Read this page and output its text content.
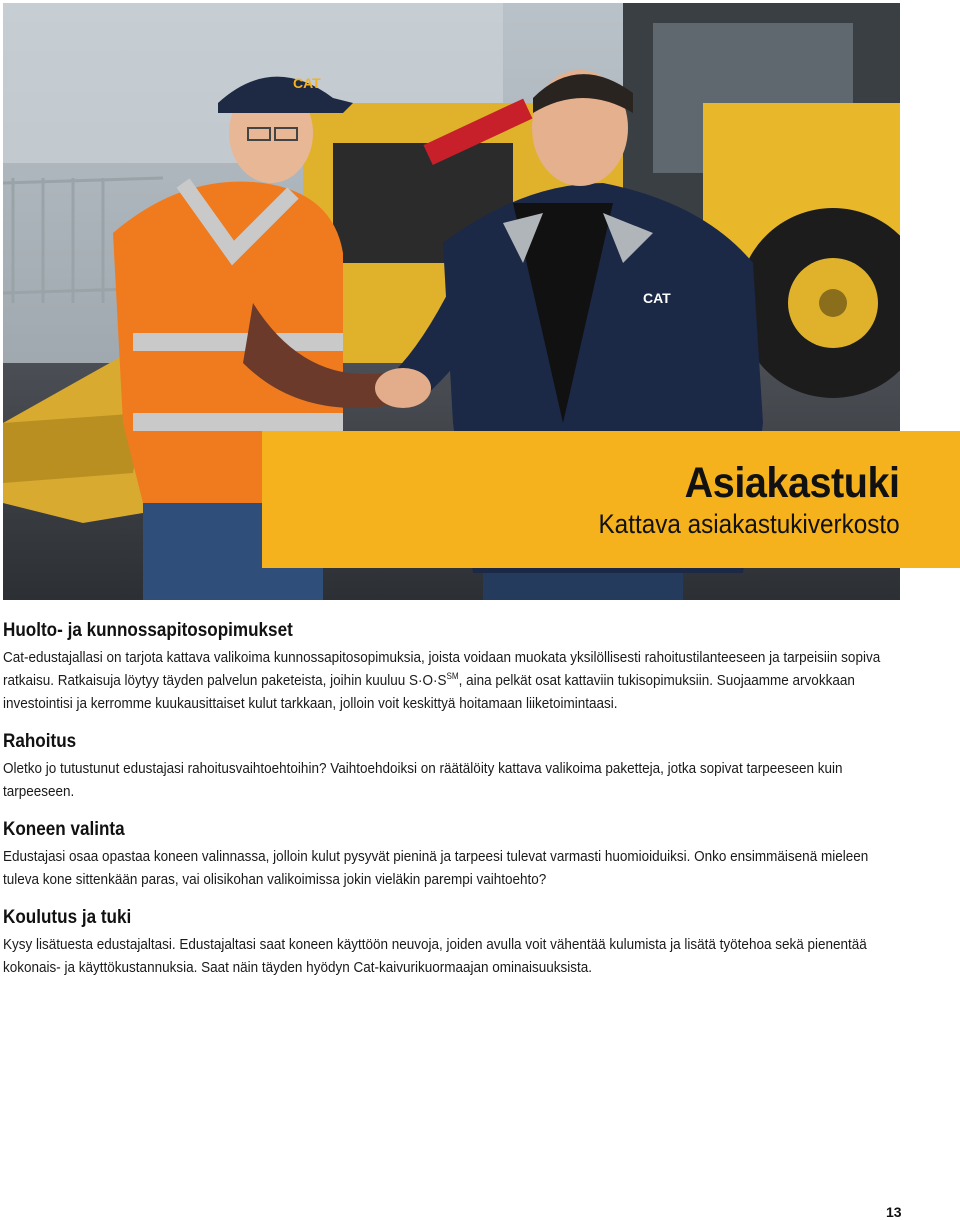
CAT
CAT
Asiakastuki
Kattava asiakastukiverkosto
Huolto- ja kunnossapitosopimukset

Cat-edustajallasi on tarjota kattava valikoima kunnossapitosopimuksia, joista voidaan muokata yksilöllisesti rahoitustilanteeseen ja tarpeisiin sopiva ratkaisu. Ratkaisuja löytyy täyden palvelun paketeista, joihin kuuluu S·O·S℠, aina pelkät osat kattaviin tukisopimuksiin. Suojaamme arvokkaan investointisi ja kerromme kuukausittaiset kulut tarkkaan, jolloin voit keskittyä hoitamaan liiketoimintaasi.

Rahoitus

Oletko jo tutustunut edustajasi rahoitusvaihtoehtoihin? Vaihtoehdoiksi on räätälöity kattava valikoima paketteja, jotka sopivat tarpeeseen kuin tarpeeseen.

Koneen valinta

Edustajasi osaa opastaa koneen valinnassa, jolloin kulut pysyvät pieninä ja tarpeesi tulevat varmasti huomioiduiksi. Onko ensimmäisenä mieleen tuleva kone sittenkään paras, vai olisikohan valikoimissa jokin vieläkin parempi vaihtoehto?

Koulutus ja tuki

Kysy lisätuesta edustajaltasi. Edustajaltasi saat koneen käyttöön neuvoja, joiden avulla voit vähentää kulumista ja lisätä työtehoa sekä pienentää kokonais- ja käyttökustannuksia. Saat näin täyden hyödyn Cat-kaivurikuormaajan ominaisuuksista.

13
